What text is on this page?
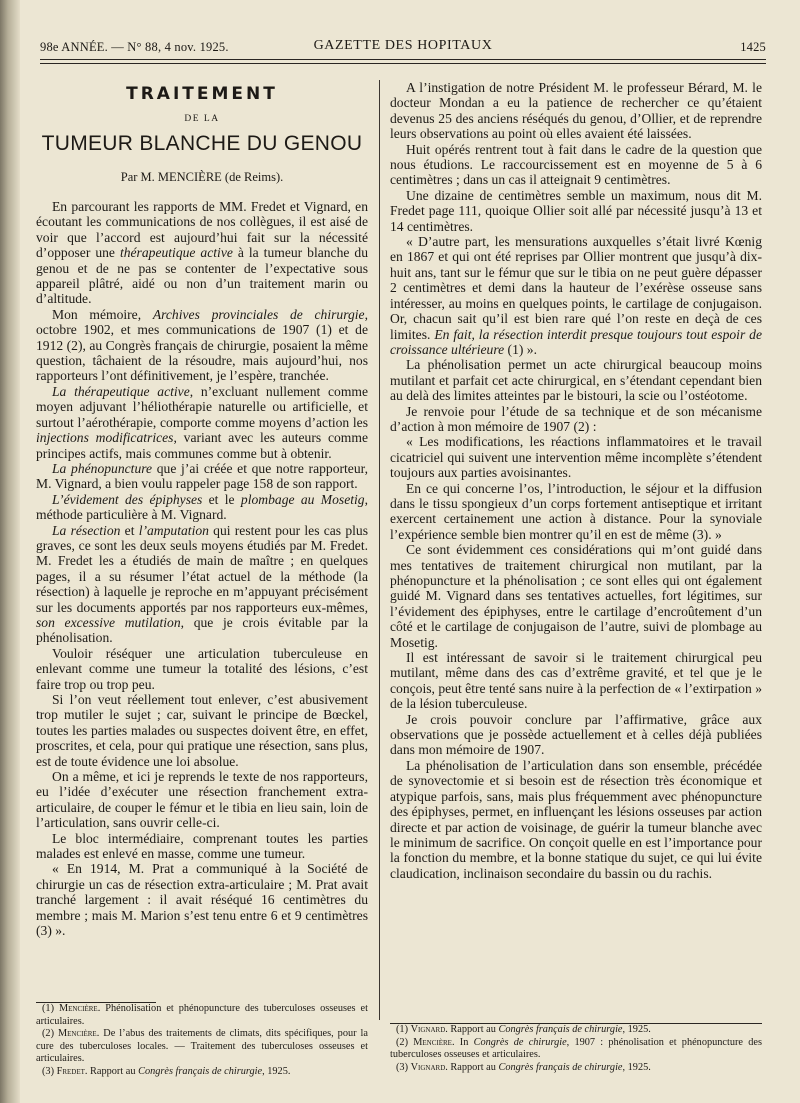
98e ANNÉE. — N° 88, 4 nov. 1925.	GAZETTE DES HOPITAUX	1425
TRAITEMENT
DE LA
TUMEUR BLANCHE DU GENOU
Par M. MENCIÈRE (de Reims).

En parcourant les rapports de MM. Fredet et Vignard, en écoutant les communications de nos collègues, il est aisé de voir que l’accord est aujourd’hui fait sur la nécessité d’opposer une thérapeutique active à la tumeur blanche du genou et de ne pas se contenter de l’expectative sous appareil plâtré, aidé ou non d’un traitement marin ou d’altitude.

Mon mémoire, Archives provinciales de chirurgie, octobre 1902, et mes communications de 1907 (1) et de 1912 (2), au Congrès français de chirurgie, posaient la même question, tâchaient de la résoudre, mais aujourd’hui, nos rapporteurs l’ont définitivement, je l’espère, tranchée.

La thérapeutique active, n’excluant nullement comme moyen adjuvant l’héliothérapie naturelle ou artificielle, et surtout l’aérothérapie, comporte comme moyens d’action les injections modificatrices, variant avec les auteurs comme principes actifs, mais communes comme but à obtenir.

La phénopuncture que j’ai créée et que notre rapporteur, M. Vignard, a bien voulu rappeler page 158 de son rapport.

L’évidement des épiphyses et le plombage au Mosetig, méthode particulière à M. Vignard.

La résection et l’amputation qui restent pour les cas plus graves, ce sont les deux seuls moyens étudiés par M. Fredet. M. Fredet les a étudiés de main de maître ; en quelques pages, il a su résumer l’état actuel de la méthode (la résection) à laquelle je reproche en m’appuyant précisément sur les documents apportés par nos rapporteurs eux-mêmes, son excessive mutilation, que je crois évitable par la phénolisation.

Vouloir réséquer une articulation tuberculeuse en enlevant comme une tumeur la totalité des lésions, c’est faire trop ou trop peu.

Si l’on veut réellement tout enlever, c’est abusivement trop mutiler le sujet ; car, suivant le principe de Bœckel, toutes les parties malades ou suspectes doivent être, en effet, proscrites, et cela, pour qui pratique une résection, sans plus, est de toute évidence une loi absolue.

On a même, et ici je reprends le texte de nos rapporteurs, eu l’idée d’exécuter une résection franchement extra-articulaire, de couper le fémur et le tibia en lieu sain, loin de l’articulation, sans ouvrir celle-ci.

Le bloc intermédiaire, comprenant toutes les parties malades est enlevé en masse, comme une tumeur.

« En 1914, M. Prat a communiqué à la Société de chirurgie un cas de résection extra-articulaire ; M. Prat avait tranché largement : il avait réséqué 16 centimètres du membre ; mais M. Marion s’est tenu entre 6 et 9 centimètres (3) ».

A l’instigation de notre Président M. le professeur Bérard, M. le docteur Mondan a eu la patience de rechercher ce qu’étaient devenus 25 des anciens réséqués du genou, d’Ollier, et de reprendre leurs observations au point où elles avaient été laissées.

Huit opérés rentrent tout à fait dans le cadre de la question que nous étudions. Le raccourcissement est en moyenne de 5 à 6 centimètres ; dans un cas il atteignait 9 centimètres.

Une dizaine de centimètres semble un maximum, nous dit M. Fredet page 111, quoique Ollier soit allé par nécessité jusqu’à 13 et 14 centimètres.

« D’autre part, les mensurations auxquelles s’était livré Kœnig en 1867 et qui ont été reprises par Ollier montrent que jusqu’à dix-huit ans, tant sur le fémur que sur le tibia on ne peut guère dépasser 2 centimètres et demi dans la hauteur de l’exérèse osseuse sans intéresser, au moins en quelques points, le cartilage de conjugaison. Or, chacun sait qu’il est bien rare qué l’on reste en deçà de ces limites. En fait, la résection interdit presque toujours tout espoir de croissance ultérieure (1) ».

La phénolisation permet un acte chirurgical beaucoup moins mutilant et parfait cet acte chirurgical, en s’étendant cependant bien au delà des limites atteintes par le bistouri, la scie ou l’ostéotome.

Je renvoie pour l’étude de sa technique et de son mécanisme d’action à mon mémoire de 1907 (2) :

« Les modifications, les réactions inflammatoires et le travail cicatriciel qui suivent une intervention même incomplète s’étendent toujours aux parties avoisinantes.

En ce qui concerne l’os, l’introduction, le séjour et la diffusion dans le tissu spongieux d’un corps fortement antiseptique et irritant exercent certainement une action à distance. Pour la synoviale l’expérience semble bien montrer qu’il en est de même (3). »

Ce sont évidemment ces considérations qui m’ont guidé dans mes tentatives de traitement chirurgical non mutilant, par la phénopuncture et la phénolisation ; ce sont elles qui ont également guidé M. Vignard dans ses tentatives actuelles, fort légitimes, sur l’évidement des épiphyses, entre le cartilage d’encroûtement d’un côté et le cartilage de conjugaison de l’autre, suivi de plombage au Mosetig.

Il est intéressant de savoir si le traitement chirurgical peu mutilant, même dans des cas d’extrême gravité, et tel que je le conçois, peut être tenté sans nuire à la perfection de « l’extirpation » de la lésion tuberculeuse.

Je crois pouvoir conclure par l’affirmative, grâce aux observations que je possède actuellement et à celles déjà publiées dans mon mémoire de 1907.

La phénolisation de l’articulation dans son ensemble, précédée de synovectomie et si besoin est de résection très économique et atypique parfois, sans, mais plus fréquemment avec phénopuncture des épiphyses, permet, en influençant les lésions osseuses par action directe et par action de voisinage, de guérir la tumeur blanche avec le minimum de sacrifice. On conçoit quelle en est l’importance pour la fonction du membre, et la bonne statique du sujet, ce qui lui évite claudication, inclinaison secondaire du bassin ou du rachis.

(1) Mencière. Phénolisation et phénopuncture des tuberculoses osseuses et articulaires.

(2) Mencière. De l’abus des traitements de climats, dits spécifiques, pour la cure des tuberculoses locales. — Traitement des tuberculoses osseuses et articulaires.

(3) Fredet. Rapport au Congrès français de chirurgie, 1925.

(1) Vignard. Rapport au Congrès français de chirurgie, 1925.

(2) Mencière. In Congrès de chirurgie, 1907 : phénolisation et phénopuncture des tuberculoses osseuses et articulaires.

(3) Vignard. Rapport au Congrès français de chirurgie, 1925.
